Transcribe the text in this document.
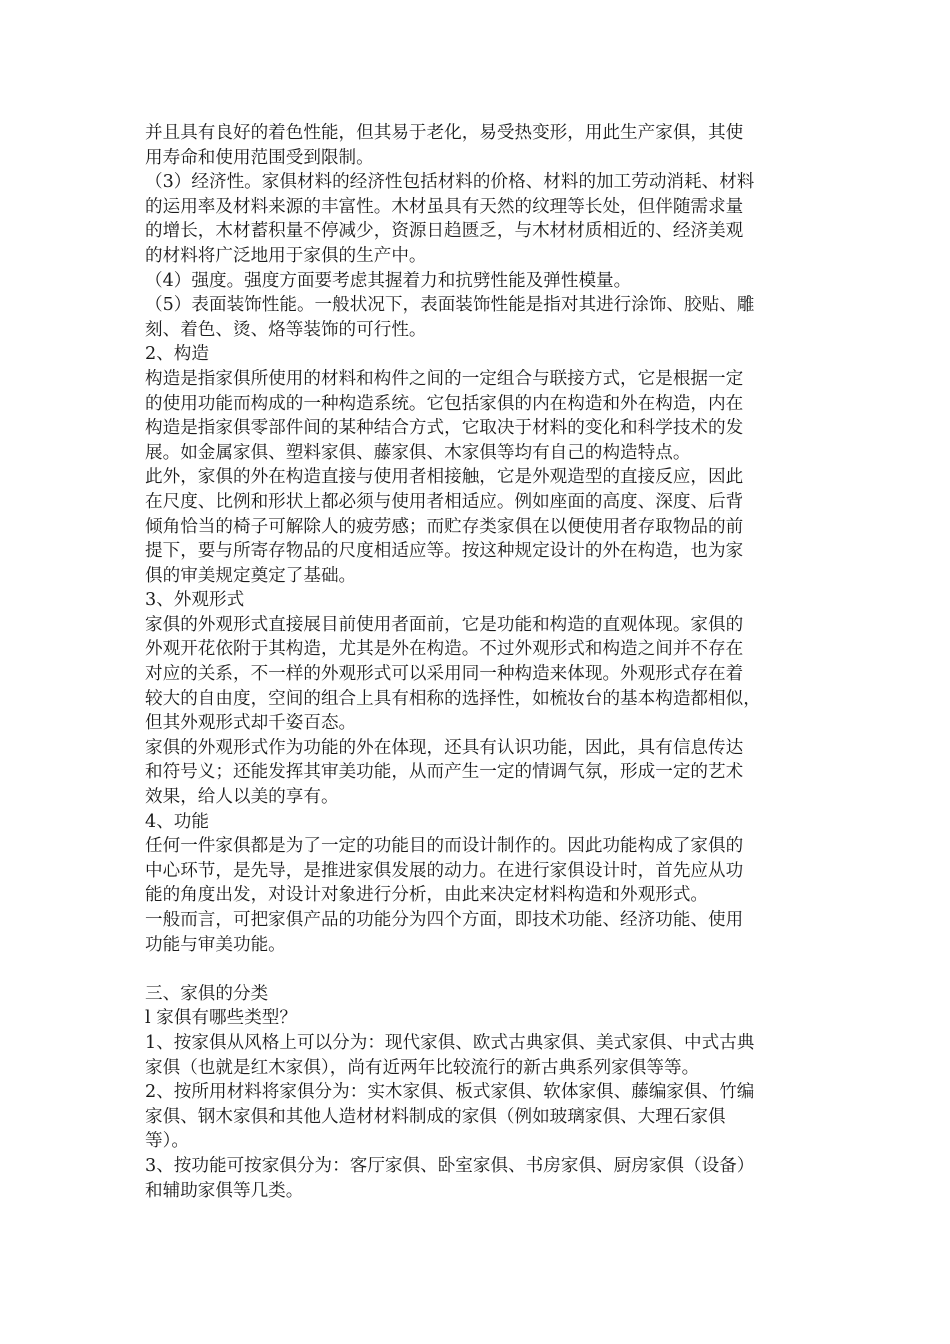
并且具有良好的着色性能，但其易于老化，易受热变形，用此生产家俱，其使
用寿命和使用范围受到限制。
（3）经济性。家俱材料的经济性包括材料的价格、材料的加工劳动消耗、材料
的运用率及材料来源的丰富性。木材虽具有天然的纹理等长处，但伴随需求量
的增长，木材蓄积量不停减少，资源日趋匮乏，与木材材质相近的、经济美观
的材料将广泛地用于家俱的生产中。
（4）强度。强度方面要考虑其握着力和抗劈性能及弹性模量。
（5）表面装饰性能。一般状况下，表面装饰性能是指对其进行涂饰、胶贴、雕
刻、着色、烫、烙等装饰的可行性。
2、构造
构造是指家俱所使用的材料和构件之间的一定组合与联接方式，它是根据一定
的使用功能而构成的一种构造系统。它包括家俱的内在构造和外在构造，内在
构造是指家俱零部件间的某种结合方式，它取决于材料的变化和科学技术的发
展。如金属家俱、塑料家俱、藤家俱、木家俱等均有自己的构造特点。
此外，家俱的外在构造直接与使用者相接触，它是外观造型的直接反应，因此
在尺度、比例和形状上都必须与使用者相适应。例如座面的高度、深度、后背
倾角恰当的椅子可解除人的疲劳感；而贮存类家俱在以便使用者存取物品的前
提下，要与所寄存物品的尺度相适应等。按这种规定设计的外在构造，也为家
俱的审美规定奠定了基础。
3、外观形式
家俱的外观形式直接展目前使用者面前，它是功能和构造的直观体现。家俱的
外观开花依附于其构造，尤其是外在构造。不过外观形式和构造之间并不存在
对应的关系，不一样的外观形式可以采用同一种构造来体现。外观形式存在着
较大的自由度，空间的组合上具有相称的选择性，如梳妆台的基本构造都相似，
但其外观形式却千姿百态。
家俱的外观形式作为功能的外在体现，还具有认识功能，因此，具有信息传达
和符号义；还能发挥其审美功能，从而产生一定的情调气氛，形成一定的艺术
效果，给人以美的享有。
4、功能
任何一件家俱都是为了一定的功能目的而设计制作的。因此功能构成了家俱的
中心环节，是先导，是推进家俱发展的动力。在进行家俱设计时，首先应从功
能的角度出发，对设计对象进行分析，由此来决定材料构造和外观形式。
一般而言，可把家俱产品的功能分为四个方面，即技术功能、经济功能、使用
功能与审美功能。
三、家俱的分类
l 家俱有哪些类型？
1、按家俱从风格上可以分为：现代家俱、欧式古典家俱、美式家俱、中式古典
家俱（也就是红木家俱），尚有近两年比较流行的新古典系列家俱等等。
2、按所用材料将家俱分为：实木家俱、板式家俱、软体家俱、藤编家俱、竹编
家俱、钢木家俱和其他人造材材料制成的家俱（例如玻璃家俱、大理石家俱
等）。
3、按功能可按家俱分为：客厅家俱、卧室家俱、书房家俱、厨房家俱（设备）
和辅助家俱等几类。
